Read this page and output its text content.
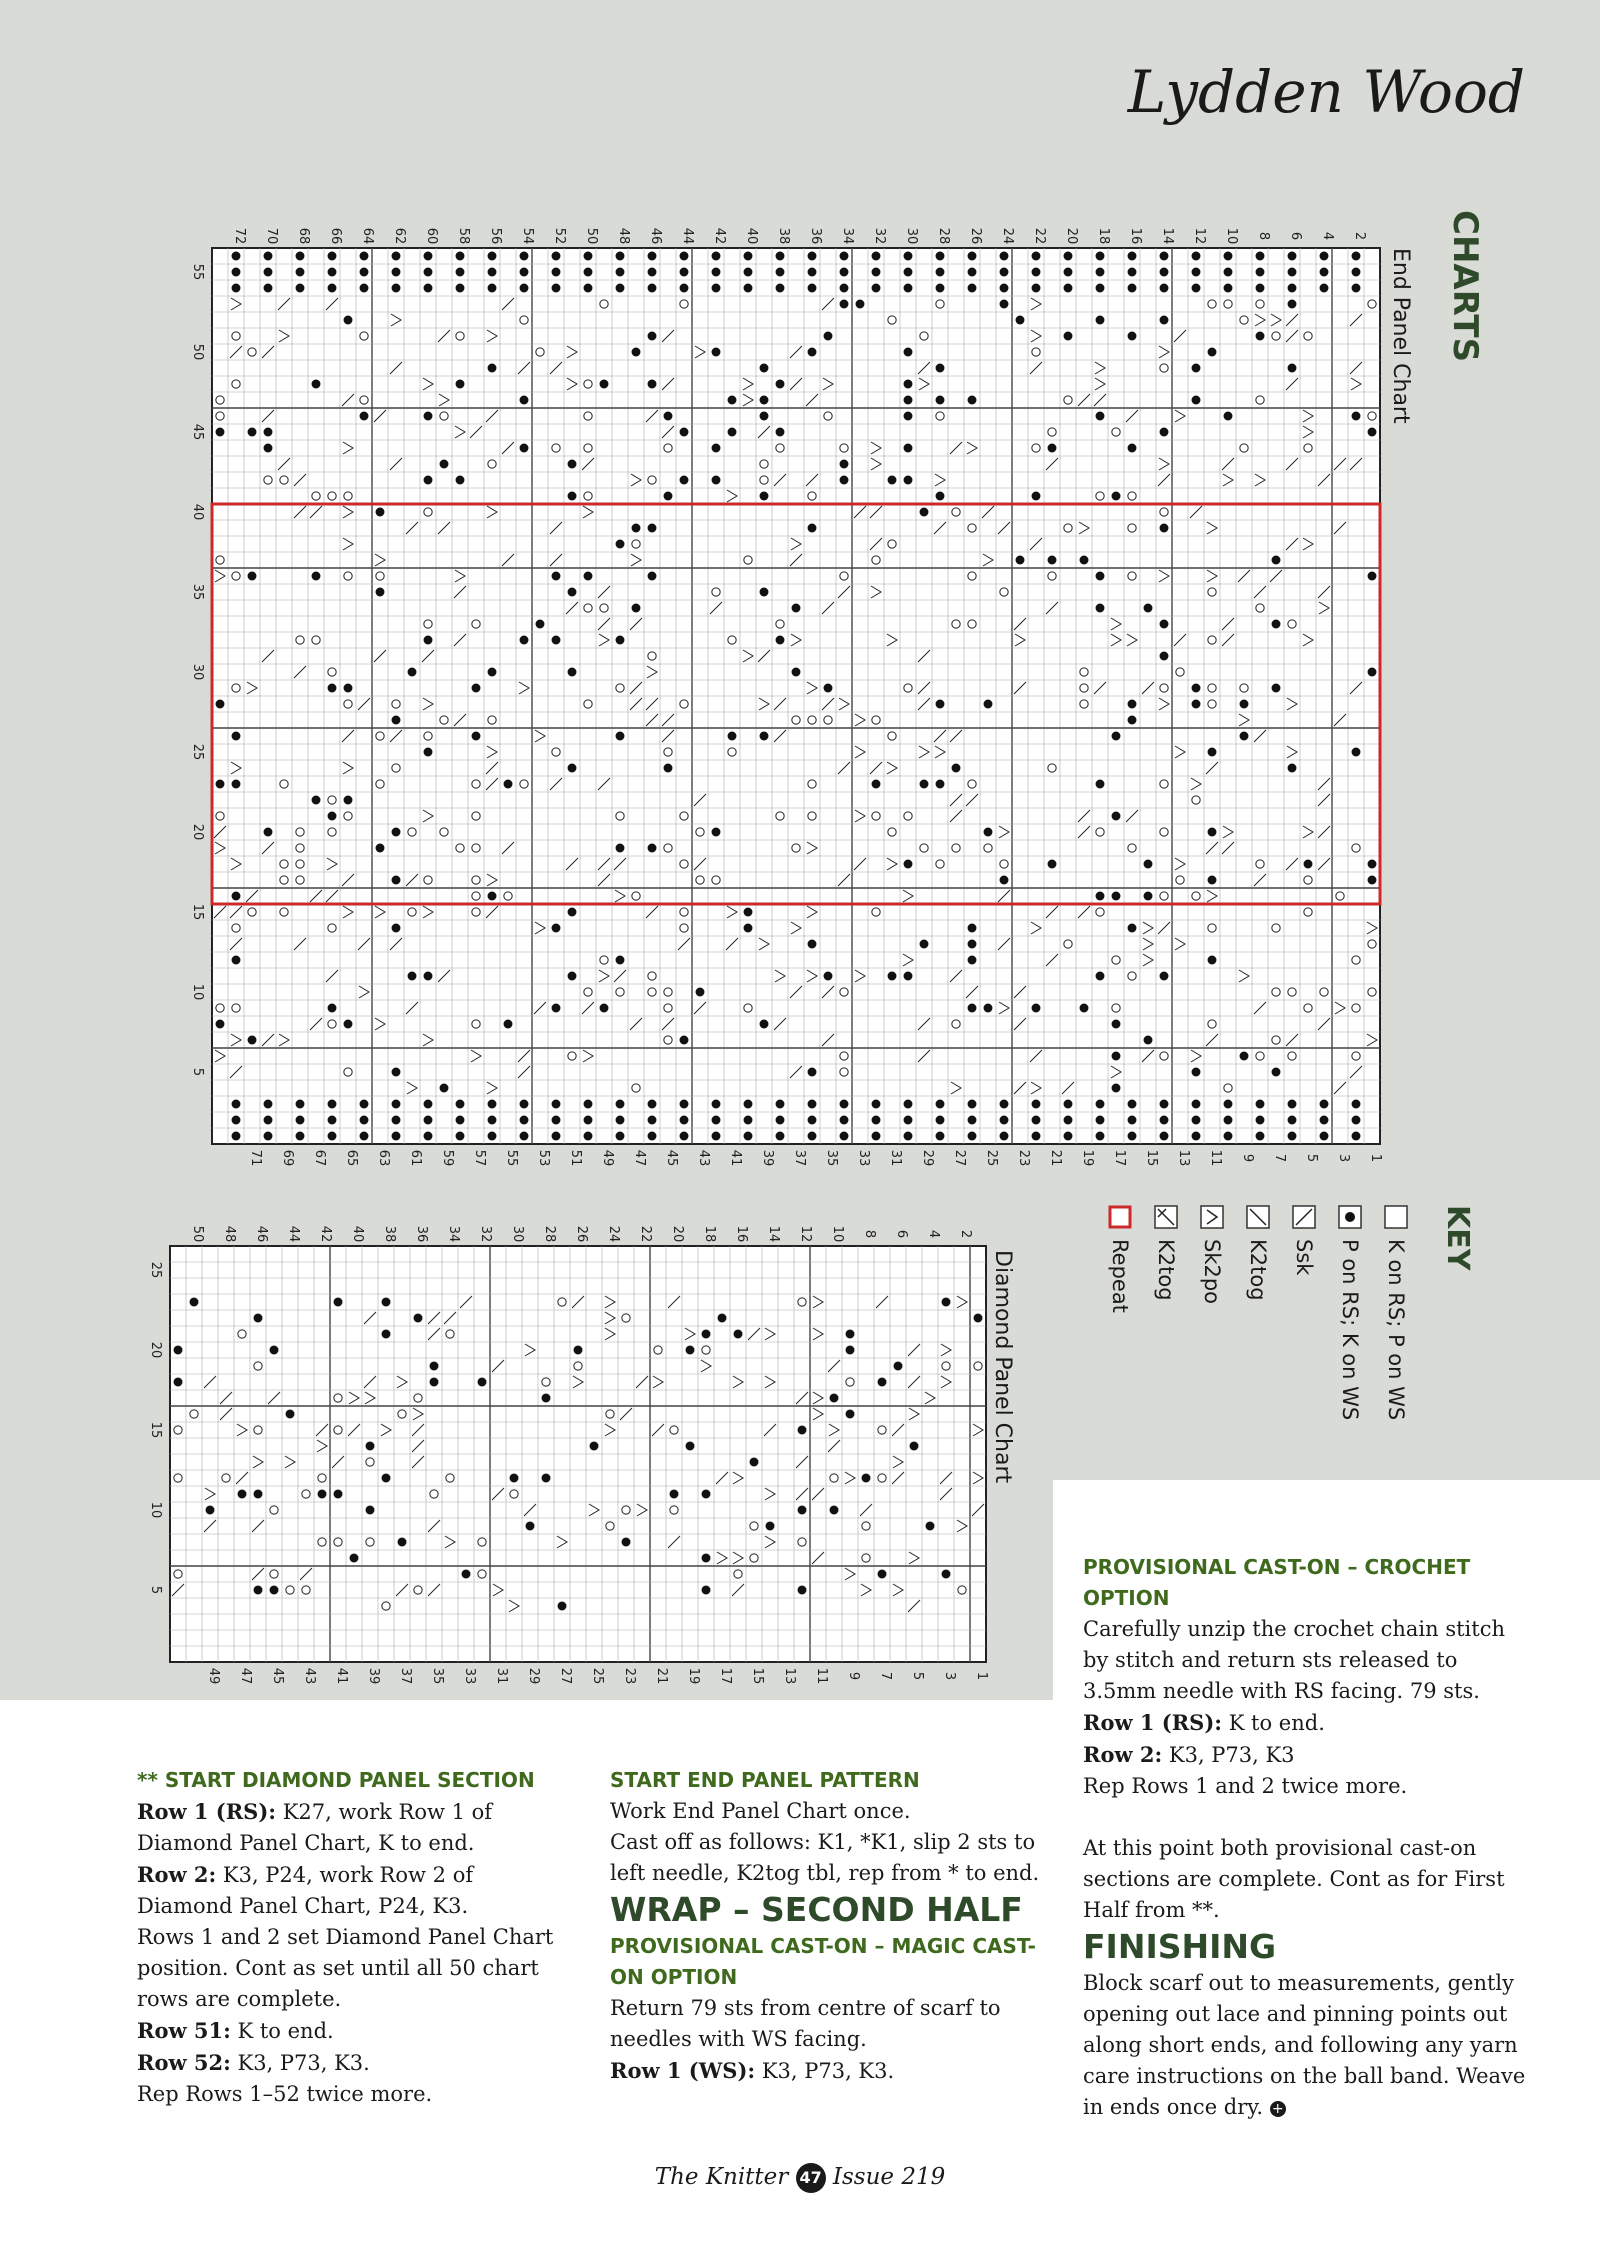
Lydden Wood
CHARTS
End Panel Chart
2
4
6
8
10
12
14
16
18
20
22
24
26
28
30
32
34
36
38
40
42
44
46
48
50
52
54
56
58
60
62
64
66
68
70
72
1
3
5
7
9
11
13
15
17
19
21
23
25
27
29
31
33
35
37
39
41
43
45
47
49
51
53
55
57
59
61
63
65
67
69
71
5
10
15
20
25
30
35
40
45
50
55
Diamond Panel Chart
2
4
6
8
10
12
14
16
18
20
22
24
26
28
30
32
34
36
38
40
42
44
46
48
50
1
3
5
7
9
11
13
15
17
19
21
23
25
27
29
31
33
35
37
39
41
43
45
47
49
5
10
15
20
25	KEY
K on RS; P on WS
P on RS; K on WS
Ssk
K2tog
Sk2po
K2tog
Repeat

** START DIAMOND PANEL SECTION

Row 1 (RS): K27, work Row 1 of Diamond Panel Chart, K to end.

Row 2: K3, P24, work Row 2 of Diamond Panel Chart, P24, K3.

Rows 1 and 2 set Diamond Panel Chart position. Cont as set until all 50 chart rows are complete.

Row 51: K to end.

Row 52: K3, P73, K3.

Rep Rows 1–52 twice more.

START END PANEL PATTERN

Work End Panel Chart once.

Cast off as follows: K1, *K1, slip 2 sts to left needle, K2tog tbl, rep from * to end.

WRAP – SECOND HALF

PROVISIONAL CAST-ON – MAGIC CAST-ON OPTION

Return 79 sts from centre of scarf to needles with WS facing.

Row 1 (WS): K3, P73, K3.

PROVISIONAL CAST-ON – CROCHET OPTION

Carefully unzip the crochet chain stitch by stitch and return sts released to 3.5mm needle with RS facing. 79 sts.

Row 1 (RS): K to end.

Row 2: K3, P73, K3

Rep Rows 1 and 2 twice more.

At this point both provisional cast-on sections are complete. Cont as for First Half from **.

FINISHING

Block scarf out to measurements, gently opening out lace and pinning points out along short ends, and following any yarn care instructions on the ball band. Weave in ends once dry. +

The Knitter 47 Issue 219
